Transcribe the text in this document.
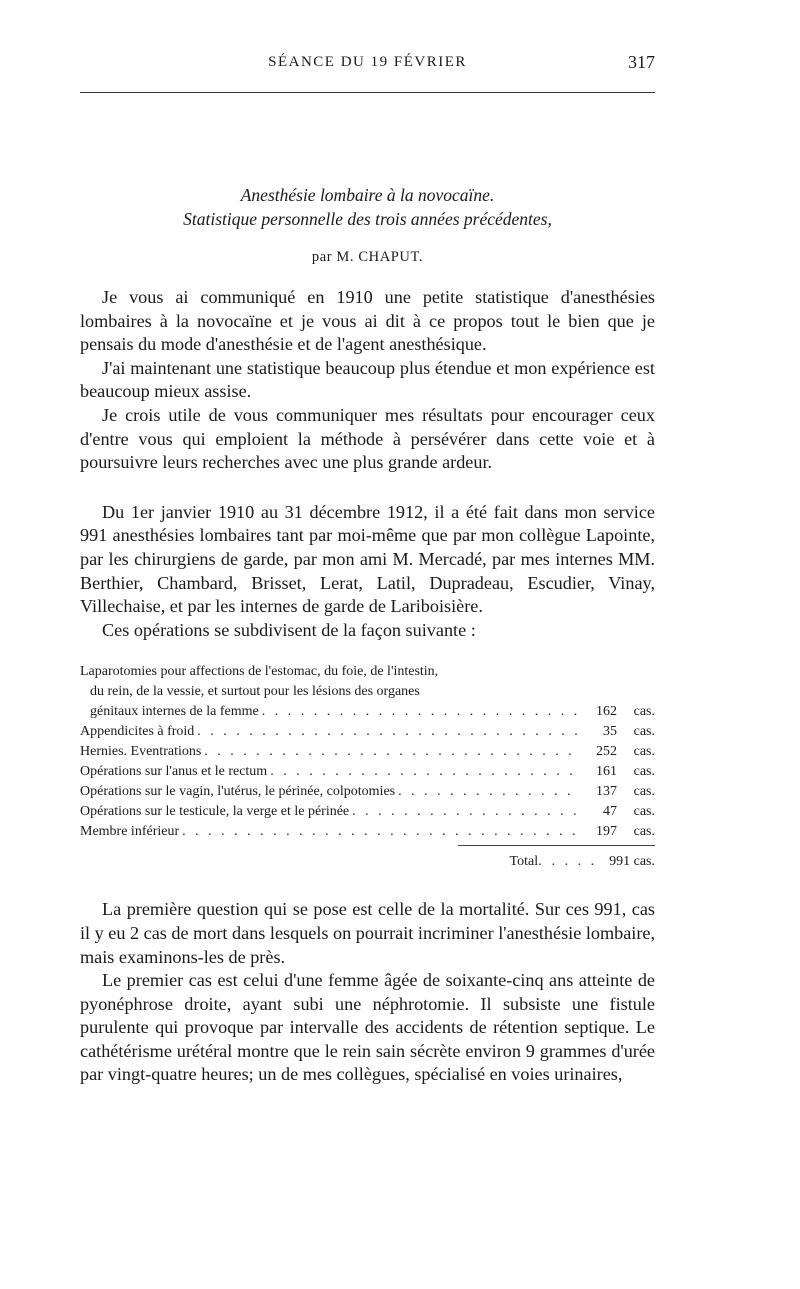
SÉANCE DU 19 FÉVRIER	317
Anesthésie lombaire à la novocaïne.
Statistique personnelle des trois années précédentes,
par M. CHAPUT.

Je vous ai communiqué en 1910 une petite statistique d'anesthésies lombaires à la novocaïne et je vous ai dit à ce propos tout le bien que je pensais du mode d'anesthésie et de l'agent anesthésique.

J'ai maintenant une statistique beaucoup plus étendue et mon expérience est beaucoup mieux assise.

Je crois utile de vous communiquer mes résultats pour encourager ceux d'entre vous qui emploient la méthode à persévérer dans cette voie et à poursuivre leurs recherches avec une plus grande ardeur.

Du 1er janvier 1910 au 31 décembre 1912, il a été fait dans mon service 991 anesthésies lombaires tant par moi-même que par mon collègue Lapointe, par les chirurgiens de garde, par mon ami M. Mercadé, par mes internes MM. Berthier, Chambard, Brisset, Lerat, Latil, Dupradeau, Escudier, Vinay, Villechaise, et par les internes de garde de Lariboisière.

Ces opérations se subdivisent de la façon suivante :

Laparotomies pour affections de l'estomac, du foie, de l'intestin,
du rein, de la vessie, et surtout pour les lésions des organes
génitaux internes de la femme . . .	162	cas.
Appendicites à froid . . .	35	cas.
Hernies. Eventrations . . .	252	cas.
Opérations sur l'anus et le rectum . . .	161	cas.
Opérations sur le vagin, l'utérus, le périnée, colpotomies . . .	137	cas.
Opérations sur le testicule, la verge et le périnée . . .	47	cas.
Membre inférieur . . .	197	cas.
Total. . . . . 991 cas.

La première question qui se pose est celle de la mortalité. Sur ces 991, cas il y eu 2 cas de mort dans lesquels on pourrait incriminer l'anesthésie lombaire, mais examinons-les de près.

Le premier cas est celui d'une femme âgée de soixante-cinq ans atteinte de pyonéphrose droite, ayant subi une néphrotomie. Il subsiste une fistule purulente qui provoque par intervalle des accidents de rétention septique. Le cathétérisme urétéral montre que le rein sain sécrète environ 9 grammes d'urée par vingt-quatre heures; un de mes collègues, spécialisé en voies urinaires,
